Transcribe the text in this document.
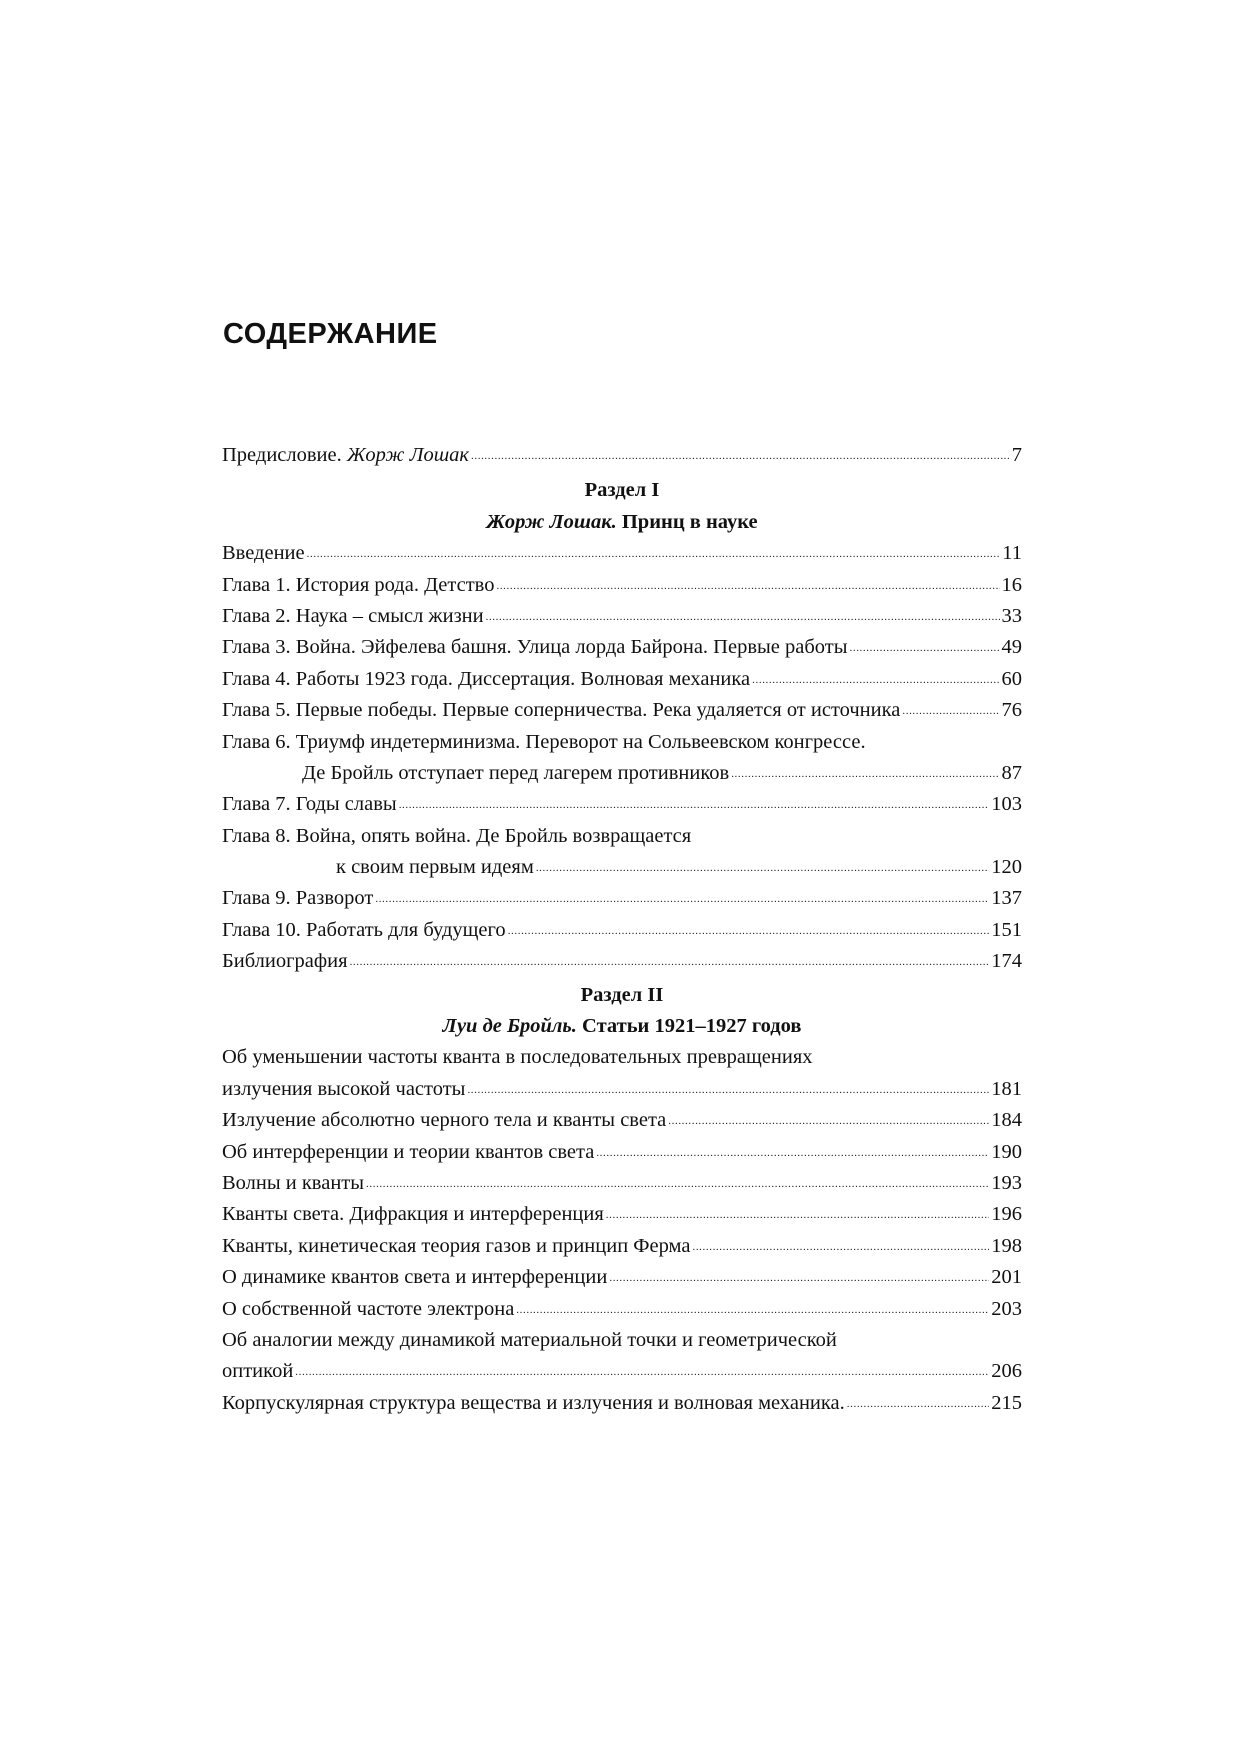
СОДЕРЖАНИЕ
Предисловие. Жорж Лошак .....	7
Раздел I
Жорж Лошак. Принц в науке
Введение .....	11
Глава 1. История рода. Детство .....	16
Глава 2. Наука – смысл жизни .....	33
Глава 3. Война. Эйфелева башня. Улица лорда Байрона. Первые работы .....	49
Глава 4. Работы 1923 года. Диссертация. Волновая механика .....	60
Глава 5. Первые победы. Первые соперничества. Река удаляется от источника .....	76
Глава 6. Триумф индетерминизма. Переворот на Сольвеевском конгрессе.
Де Бройль отступает перед лагерем противников .....	87
Глава 7. Годы славы .....	103
Глава 8. Война, опять война. Де Бройль возвращается
к своим первым идеям .....	120
Глава 9. Разворот .....	137
Глава 10. Работать для будущего .....	151
Библиография .....	174
Раздел II
Луи де Бройль. Статьи 1921–1927 годов
Об уменьшении частоты кванта в последовательных превращениях
излучения высокой частоты .....	181
Излучение абсолютно черного тела и кванты света .....	184
Об интерференции и теории квантов света .....	190
Волны и кванты .....	193
Кванты света. Дифракция и интерференция .....	196
Кванты, кинетическая теория газов и принцип Ферма .....	198
О динамике квантов света и интерференции .....	201
О собственной частоте электрона .....	203
Об аналогии между динамикой материальной точки и геометрической
оптикой .....	206
Корпускулярная структура вещества и излучения и волновая механика. .....	215
